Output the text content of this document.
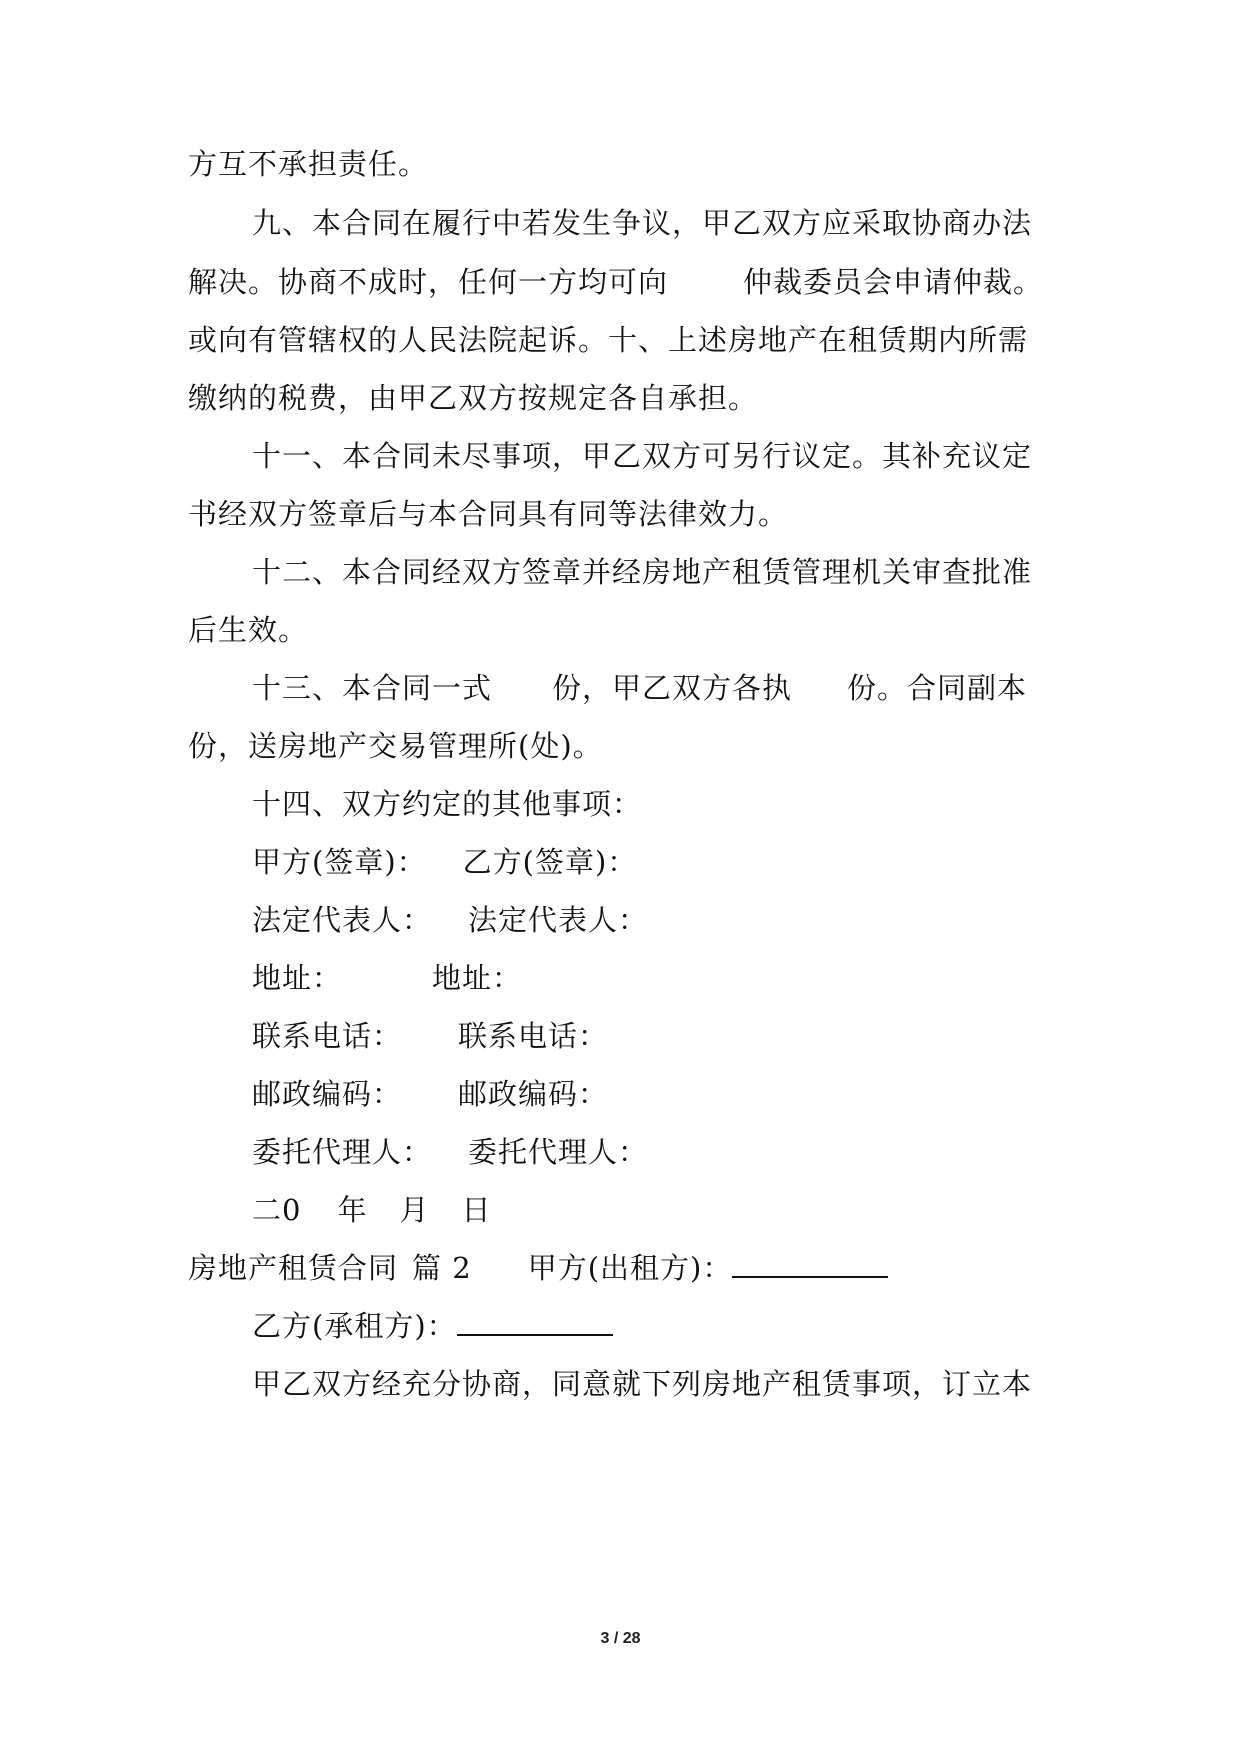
方互不承担责任。
九、本合同在履行中若发生争议，甲乙双方应采取协商办法
解决。协商不成时，任何一方均可向	仲裁委员会申请仲裁。
或向有管辖权的人民法院起诉。十、上述房地产在租赁期内所需
缴纳的税费，由甲乙双方按规定各自承担。
十一、本合同未尽事项，甲乙双方可另行议定。其补充议定
书经双方签章后与本合同具有同等法律效力。
十二、本合同经双方签章并经房地产租赁管理机关审查批准
后生效。
十三、本合同一式 份，甲乙双方各执 份。合同副本
份，送房地产交易管理所(处)。
十四、双方约定的其他事项：
甲方(签章)： 乙方(签章)：
法定代表人： 法定代表人：
地址：	地址：
联系电话： 联系电话：
邮政编码： 邮政编码：
委托代理人： 委托代理人：
二0 年 月 日
房地产租赁合同 篇 2 甲方(出租方)：
乙方(承租方)：
甲乙双方经充分协商，同意就下列房地产租赁事项，订立本
3 / 28
